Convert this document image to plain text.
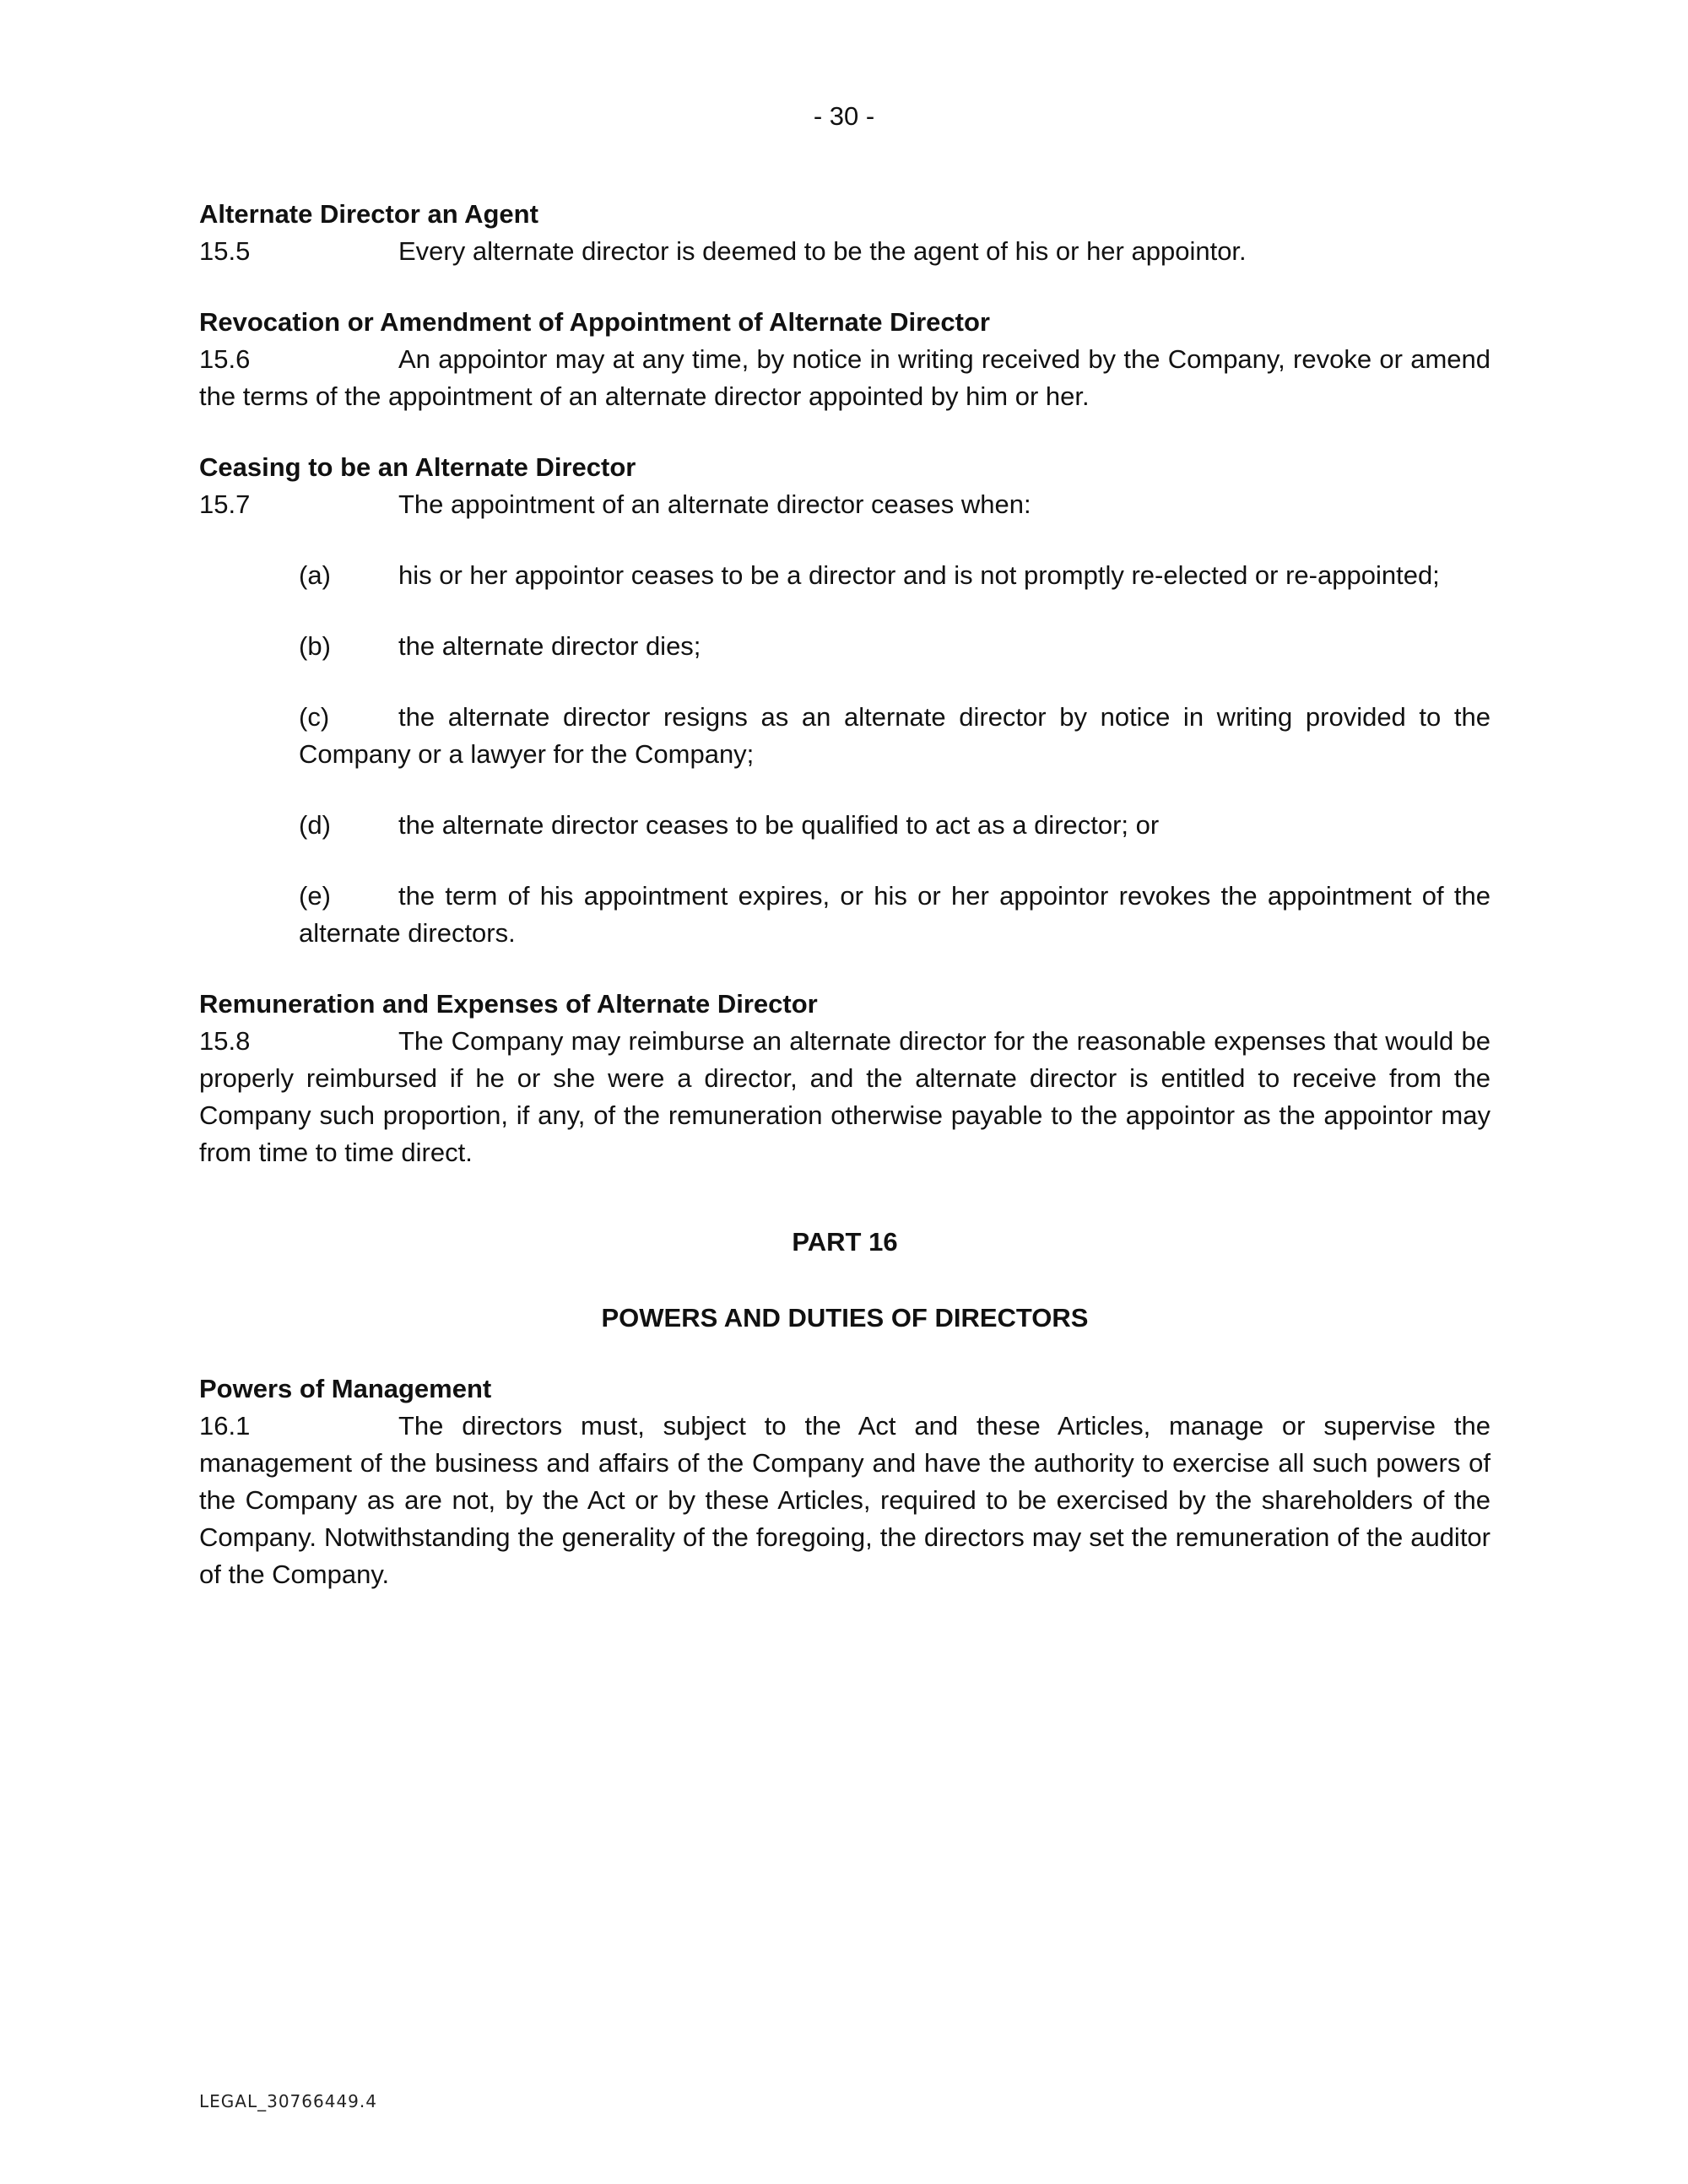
- 30 -

Alternate Director an Agent

15.5	Every alternate director is deemed to be the agent of his or her appointor.

Revocation or Amendment of Appointment of Alternate Director

15.6	An appointor may at any time, by notice in writing received by the Company, revoke or amend the terms of the appointment of an alternate director appointed by him or her.

Ceasing to be an Alternate Director

15.7	The appointment of an alternate director ceases when:

(a)	his or her appointor ceases to be a director and is not promptly re-elected or re-appointed;

(b)	the alternate director dies;

(c)	the alternate director resigns as an alternate director by notice in writing provided to the Company or a lawyer for the Company;

(d)	the alternate director ceases to be qualified to act as a director; or

(e)	the term of his appointment expires, or his or her appointor revokes the appointment of the alternate directors.

Remuneration and Expenses of Alternate Director

15.8	The Company may reimburse an alternate director for the reasonable expenses that would be properly reimbursed if he or she were a director, and the alternate director is entitled to receive from the Company such proportion, if any, of the remuneration otherwise payable to the appointor as the appointor may from time to time direct.

PART 16

POWERS AND DUTIES OF DIRECTORS

Powers of Management

16.1	The directors must, subject to the Act and these Articles, manage or supervise the management of the business and affairs of the Company and have the authority to exercise all such powers of the Company as are not, by the Act or by these Articles, required to be exercised by the shareholders of the Company. Notwithstanding the generality of the foregoing, the directors may set the remuneration of the auditor of the Company.

LEGAL_30766449.4
